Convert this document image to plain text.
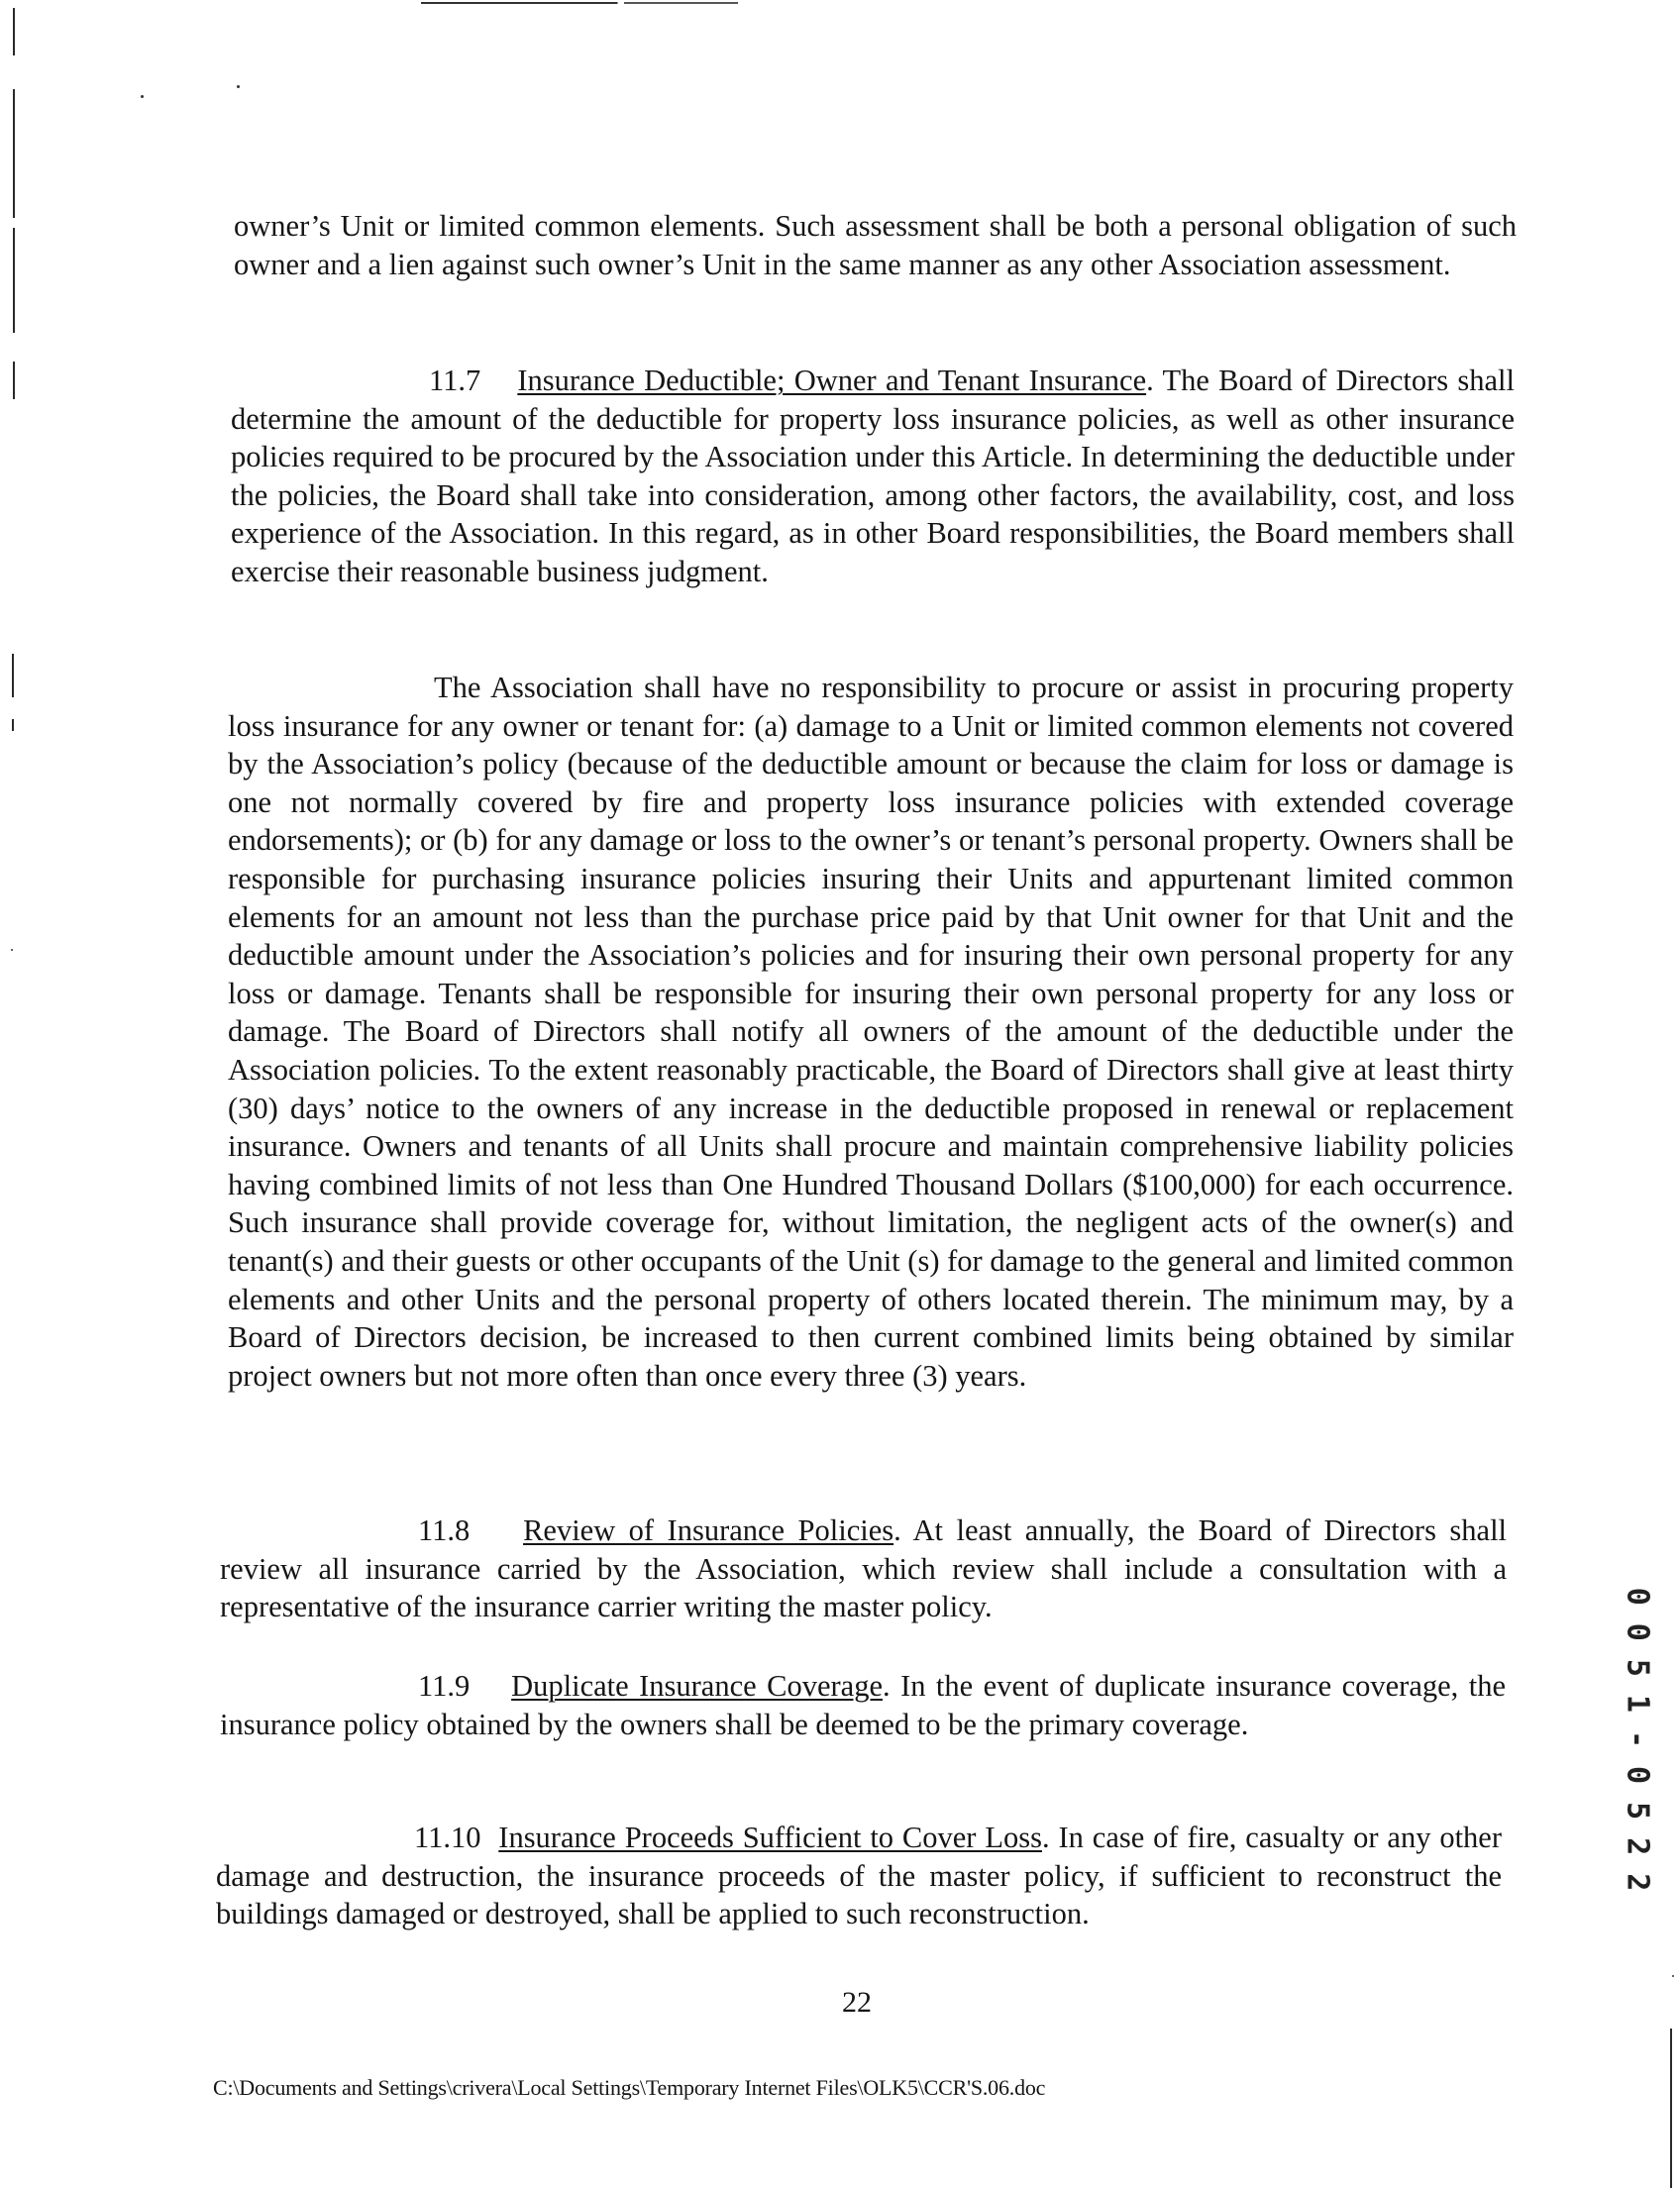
owner’s Unit or limited common elements. Such assessment shall be both a personal obligation of such owner and a lien against such owner’s Unit in the same manner as any other Association assessment.

11.7 Insurance Deductible; Owner and Tenant Insurance. The Board of Directors shall determine the amount of the deductible for property loss insurance policies, as well as other insurance policies required to be procured by the Association under this Article. In determining the deductible under the policies, the Board shall take into consideration, among other factors, the availability, cost, and loss experience of the Association. In this regard, as in other Board responsibilities, the Board members shall exercise their reasonable business judgment.

The Association shall have no responsibility to procure or assist in procuring property loss insurance for any owner or tenant for: (a) damage to a Unit or limited common elements not covered by the Association’s policy (because of the deductible amount or because the claim for loss or damage is one not normally covered by fire and property loss insurance policies with extended coverage endorsements); or (b) for any damage or loss to the owner’s or tenant’s personal property. Owners shall be responsible for purchasing insurance policies insuring their Units and appurtenant limited common elements for an amount not less than the purchase price paid by that Unit owner for that Unit and the deductible amount under the Association’s policies and for insuring their own personal property for any loss or damage. Tenants shall be responsible for insuring their own personal property for any loss or damage. The Board of Directors shall notify all owners of the amount of the deductible under the Association policies. To the extent reasonably practicable, the Board of Directors shall give at least thirty (30) days’ notice to the owners of any increase in the deductible proposed in renewal or replacement insurance. Owners and tenants of all Units shall procure and maintain comprehensive liability policies having combined limits of not less than One Hundred Thousand Dollars ($100,000) for each occurrence. Such insurance shall provide coverage for, without limitation, the negligent acts of the owner(s) and tenant(s) and their guests or other occupants of the Unit (s) for damage to the general and limited common elements and other Units and the personal property of others located therein. The minimum may, by a Board of Directors decision, be increased to then current combined limits being obtained by similar project owners but not more often than once every three (3) years.

11.8 Review of Insurance Policies. At least annually, the Board of Directors shall review all insurance carried by the Association, which review shall include a consultation with a representative of the insurance carrier writing the master policy.

11.9 Duplicate Insurance Coverage. In the event of duplicate insurance coverage, the insurance policy obtained by the owners shall be deemed to be the primary coverage.

11.10 Insurance Proceeds Sufficient to Cover Loss. In case of fire, casualty or any other damage and destruction, the insurance proceeds of the master policy, if sufficient to reconstruct the buildings damaged or destroyed, shall be applied to such reconstruction.

22
C:\Documents and Settings\crivera\Local Settings\Temporary Internet Files\OLK5\CCR'S.06.doc
0051-0522
